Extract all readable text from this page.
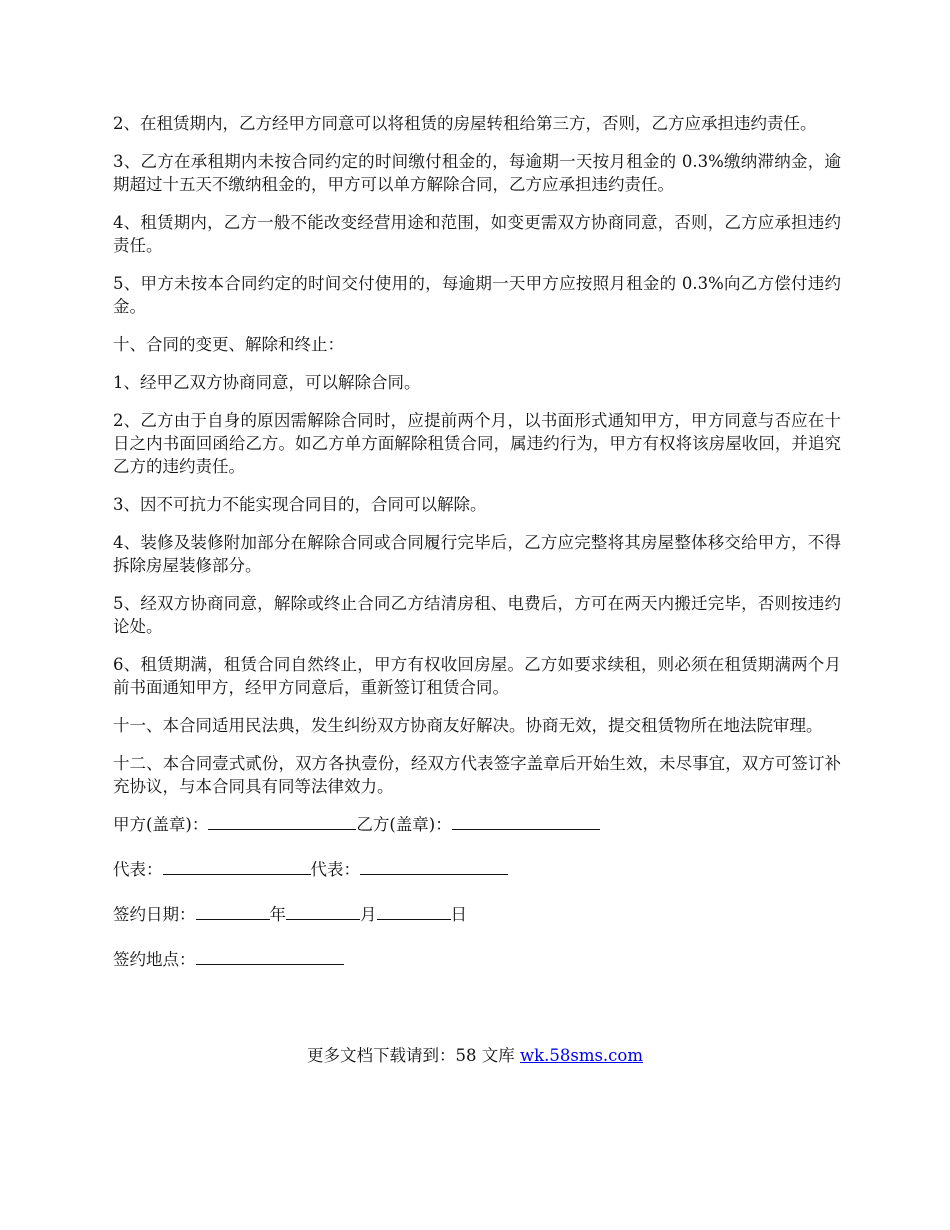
2、在租赁期内，乙方经甲方同意可以将租赁的房屋转租给第三方，否则，乙方应承担违约责任。

3、乙方在承租期内未按合同约定的时间缴付租金的，每逾期一天按月租金的 0.3%缴纳滞纳金，逾期超过十五天不缴纳租金的，甲方可以单方解除合同，乙方应承担违约责任。

4、租赁期内，乙方一般不能改变经营用途和范围，如变更需双方协商同意，否则，乙方应承担违约责任。

5、甲方未按本合同约定的时间交付使用的，每逾期一天甲方应按照月租金的 0.3%向乙方偿付违约金。

十、合同的变更、解除和终止：

1、经甲乙双方协商同意，可以解除合同。

2、乙方由于自身的原因需解除合同时，应提前两个月，以书面形式通知甲方，甲方同意与否应在十日之内书面回函给乙方。如乙方单方面解除租赁合同，属违约行为，甲方有权将该房屋收回，并追究乙方的违约责任。

3、因不可抗力不能实现合同目的，合同可以解除。

4、装修及装修附加部分在解除合同或合同履行完毕后，乙方应完整将其房屋整体移交给甲方，不得拆除房屋装修部分。

5、经双方协商同意，解除或终止合同乙方结清房租、电费后，方可在两天内搬迁完毕，否则按违约论处。

6、租赁期满，租赁合同自然终止，甲方有权收回房屋。乙方如要求续租，则必须在租赁期满两个月前书面通知甲方，经甲方同意后，重新签订租赁合同。

十一、本合同适用民法典，发生纠纷双方协商友好解决。协商无效，提交租赁物所在地法院审理。

十二、本合同壹式贰份，双方各执壹份，经双方代表签字盖章后开始生效，未尽事宜，双方可签订补充协议，与本合同具有同等法律效力。

甲方(盖章)：	乙方(盖章)：
代表：	代表：
签约日期：	年	月	日
签约地点：
更多文档下载请到：58 文库 wk.58sms.com
